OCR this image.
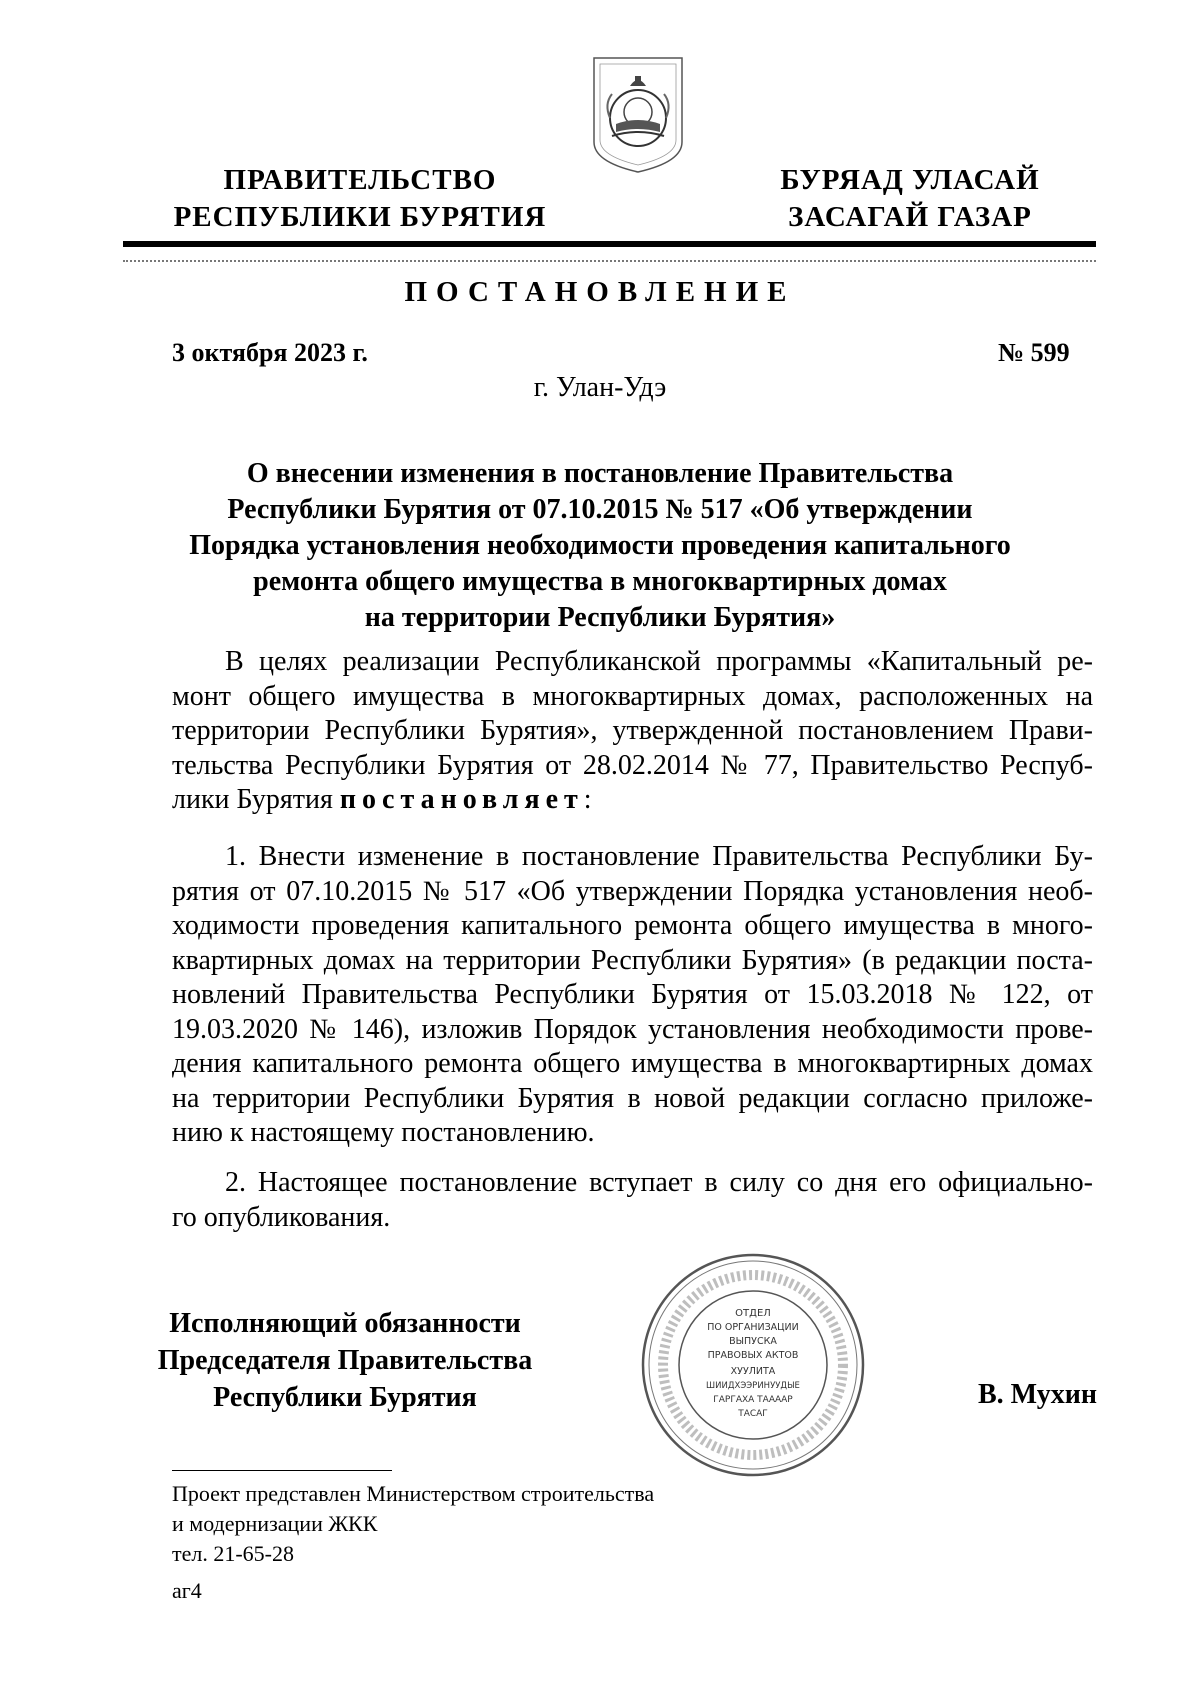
ПРАВИТЕЛЬСТВО
РЕСПУБЛИКИ БУРЯТИЯ
БУРЯАД УЛАСАЙ
ЗАСАГАЙ ГАЗАР
ПОСТАНОВЛЕНИЕ
3 октября 2023 г.	№ 599
г. Улан-Удэ
О внесении изменения в постановление Правительства
Республики Бурятия от 07.10.2015 № 517 «Об утверждении
Порядка установления необходимости проведения капитального
ремонта общего имущества в многоквартирных домах
на территории Республики Бурятия»
В целях реализации Республиканской программы «Капитальный ре-
монт общего имущества в многоквартирных домах, расположенных на
территории Республики Бурятия», утвержденной постановлением Прави-
тельства Республики Бурятия от 28.02.2014 № 77, Правительство Респуб-
лики Бурятия постановляет:
1. Внести изменение в постановление Правительства Республики Бу-
рятия от 07.10.2015 № 517 «Об утверждении Порядка установления необ-
ходимости проведения капитального ремонта общего имущества в много-
квартирных домах на территории Республики Бурятия» (в редакции поста-
новлений Правительства Республики Бурятия от 15.03.2018 № 122, от
19.03.2020 № 146), изложив Порядок установления необходимости прове-
дения капитального ремонта общего имущества в многоквартирных домах
на территории Республики Бурятия в новой редакции согласно приложе-
нию к настоящему постановлению.
2. Настоящее постановление вступает в силу со дня его официально-
го опубликования.
Исполняющий обязанности
Председателя Правительства
Республики Бурятия
ОТДЕЛ
ПО ОРГАНИЗАЦИИ
ВЫПУСКА
ПРАВОВЫХ АКТОВ
ХУУЛИТА
ШИИДХЭЭРИНУУДЫЕ
ГАРГАХА ТААААР
ТАСАГ
В. Мухин
Проект представлен Министерством строительства
и модернизации ЖКК
тел. 21-65-28
аг4
